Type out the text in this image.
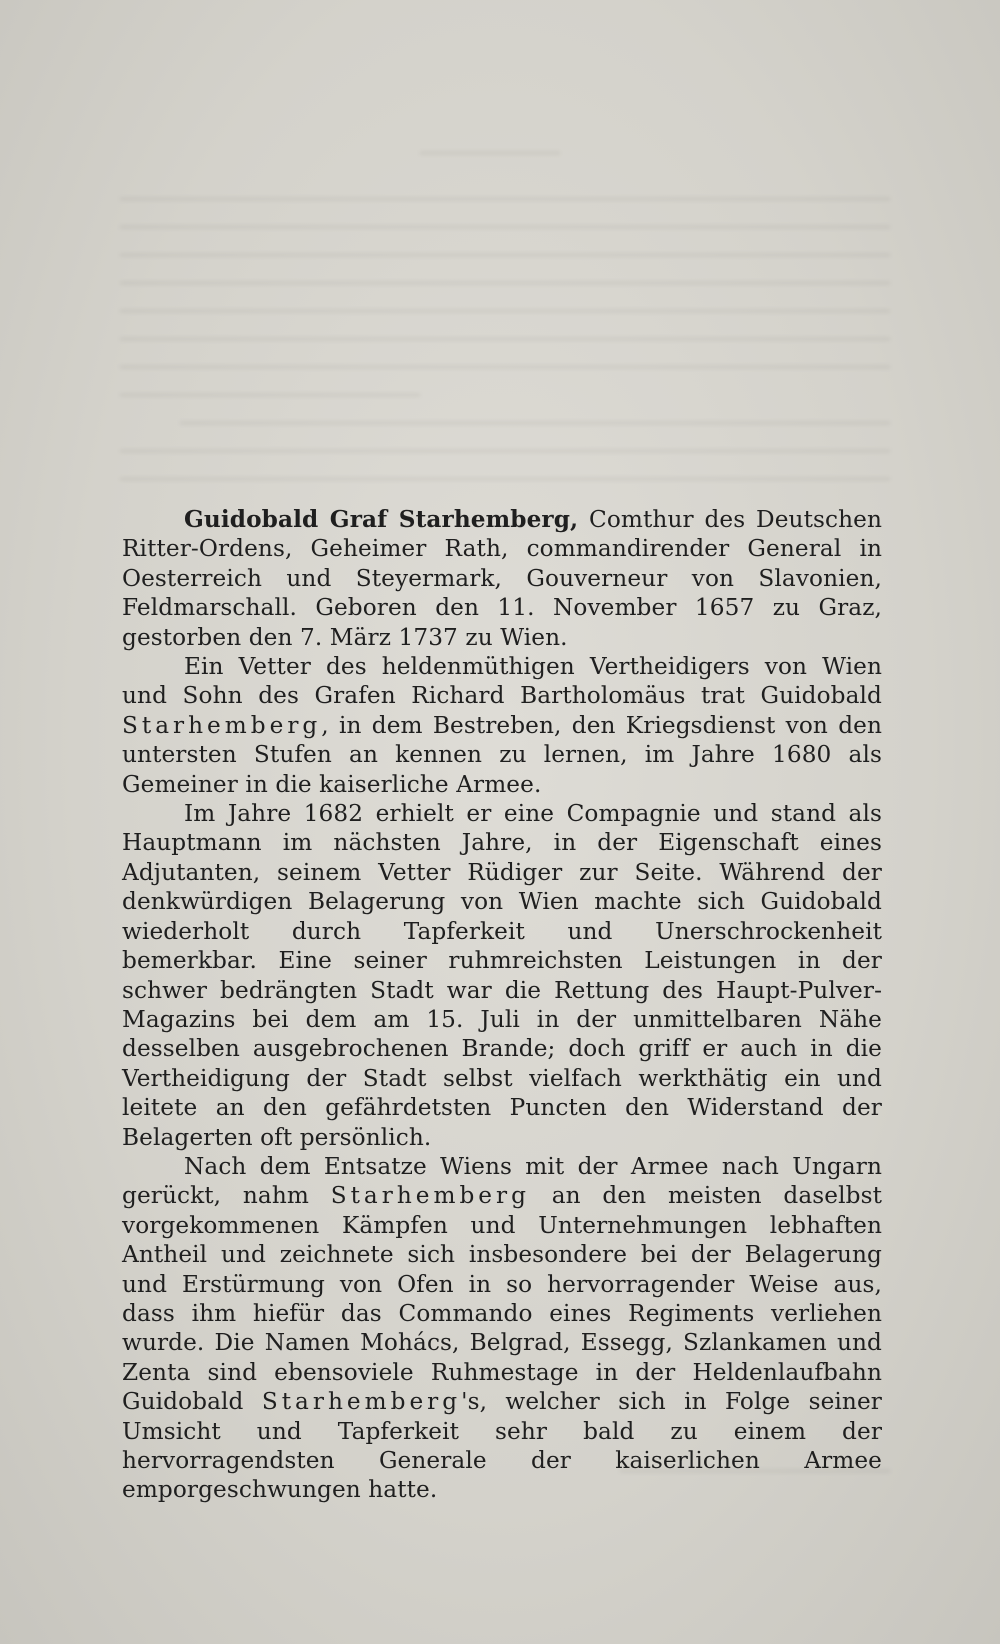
Guidobald Graf Starhemberg, Comthur des Deutschen Ritter-Ordens, Geheimer Rath, commandirender General in Oesterreich und Steyermark, Gouverneur von Slavonien, Feldmarschall. Geboren den 11. November 1657 zu Graz, gestorben den 7. März 1737 zu Wien.

Ein Vetter des heldenmüthigen Vertheidigers von Wien und Sohn des Grafen Richard Bartholomäus trat Guidobald Starhemberg, in dem Bestreben, den Kriegsdienst von den untersten Stufen an kennen zu lernen, im Jahre 1680 als Gemeiner in die kaiserliche Armee.

Im Jahre 1682 erhielt er eine Compagnie und stand als Hauptmann im nächsten Jahre, in der Eigenschaft eines Adjutanten, seinem Vetter Rüdiger zur Seite. Während der denkwürdigen Belagerung von Wien machte sich Guidobald wiederholt durch Tapferkeit und Unerschrockenheit bemerkbar. Eine seiner ruhmreichsten Leistungen in der schwer bedrängten Stadt war die Rettung des Haupt-Pulver-Magazins bei dem am 15. Juli in der unmittelbaren Nähe desselben ausgebrochenen Brande; doch griff er auch in die Vertheidigung der Stadt selbst vielfach werkthätig ein und leitete an den gefährdetsten Puncten den Widerstand der Belagerten oft persönlich.

Nach dem Entsatze Wiens mit der Armee nach Ungarn gerückt, nahm Starhemberg an den meisten daselbst vorgekommenen Kämpfen und Unternehmungen lebhaften Antheil und zeichnete sich insbesondere bei der Belagerung und Erstürmung von Ofen in so hervorragender Weise aus, dass ihm hiefür das Commando eines Regiments verliehen wurde. Die Namen Mohács, Belgrad, Essegg, Szlankamen und Zenta sind ebensoviele Ruhmestage in der Heldenlaufbahn Guidobald Starhemberg's, welcher sich in Folge seiner Umsicht und Tapferkeit sehr bald zu einem der hervorragendsten Generale der kaiserlichen Armee emporgeschwungen hatte.
